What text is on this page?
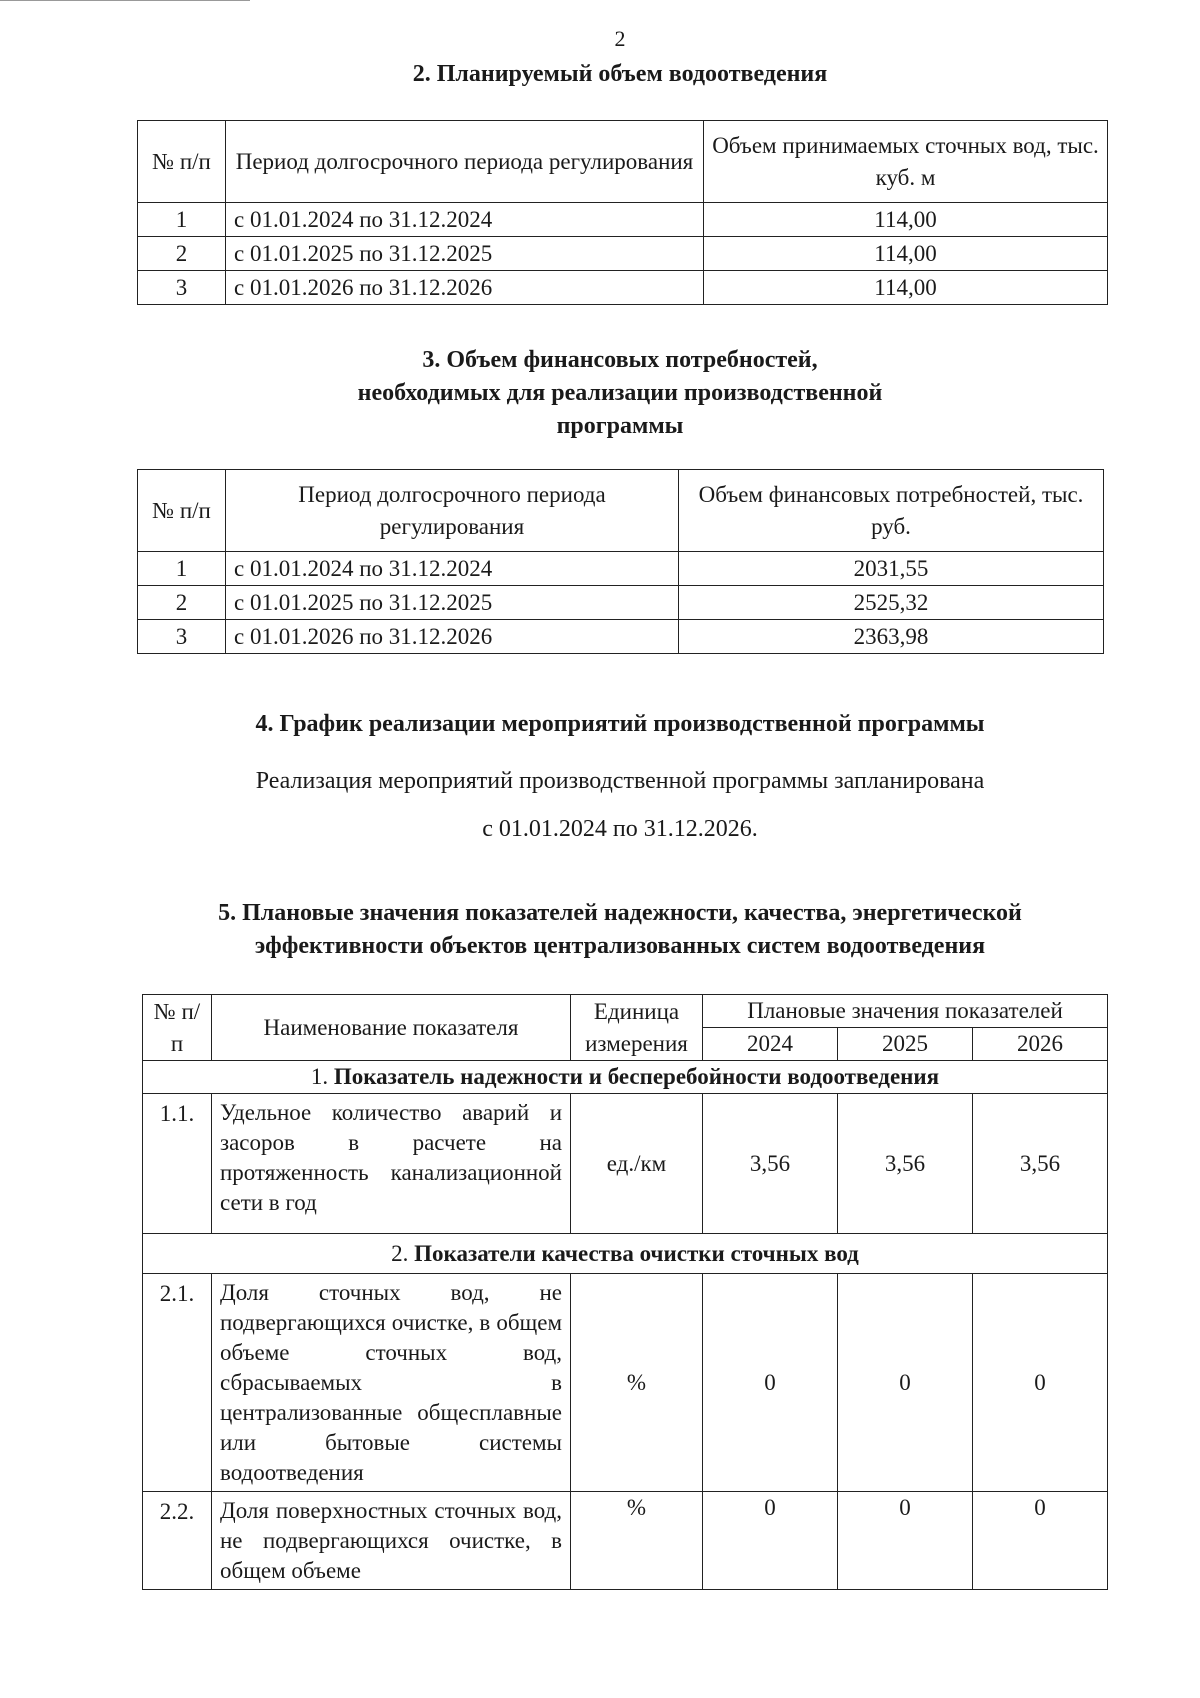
2
2. Планируемый объем водоотведения
№ п/п	Период долгосрочного периода регулирования	Объем принимаемых сточных вод, тыс. куб. м
1	с 01.01.2024 по 31.12.2024	114,00
2	с 01.01.2025 по 31.12.2025	114,00
3	с 01.01.2026 по 31.12.2026	114,00
3. Объем финансовых потребностей,
необходимых для реализации производственной
программы
№ п/п	Период долгосрочного периода регулирования	Объем финансовых потребностей, тыс. руб.
1	с 01.01.2024 по 31.12.2024	2031,55
2	с 01.01.2025 по 31.12.2025	2525,32
3	с 01.01.2026 по 31.12.2026	2363,98
4. График реализации мероприятий производственной программы
Реализация мероприятий производственной программы запланирована
с 01.01.2024 по 31.12.2026.
5. Плановые значения показателей надежности, качества, энергетической
эффективности объектов централизованных систем водоотведения
№ п/п	Наименование показателя	Единица измерения	Плановые значения показателей		
			2024	2025	2026
1. Показатель надежности и бесперебойности водоотведения					
1.1.	Удельное количество аварий и засоров в расчете на протяженность канализационной сети в год	ед./км	3,56	3,56	3,56
2. Показатели качества очистки сточных вод					
2.1.	Доля сточных вод, не подвергающихся очистке, в общем объеме сточных вод, сбрасываемых в централизованные общесплавные или бытовые системы водоотведения	%	0	0	0
2.2.	Доля поверхностных сточных вод, не подвергающихся очистке, в общем объеме	%	0	0	0
